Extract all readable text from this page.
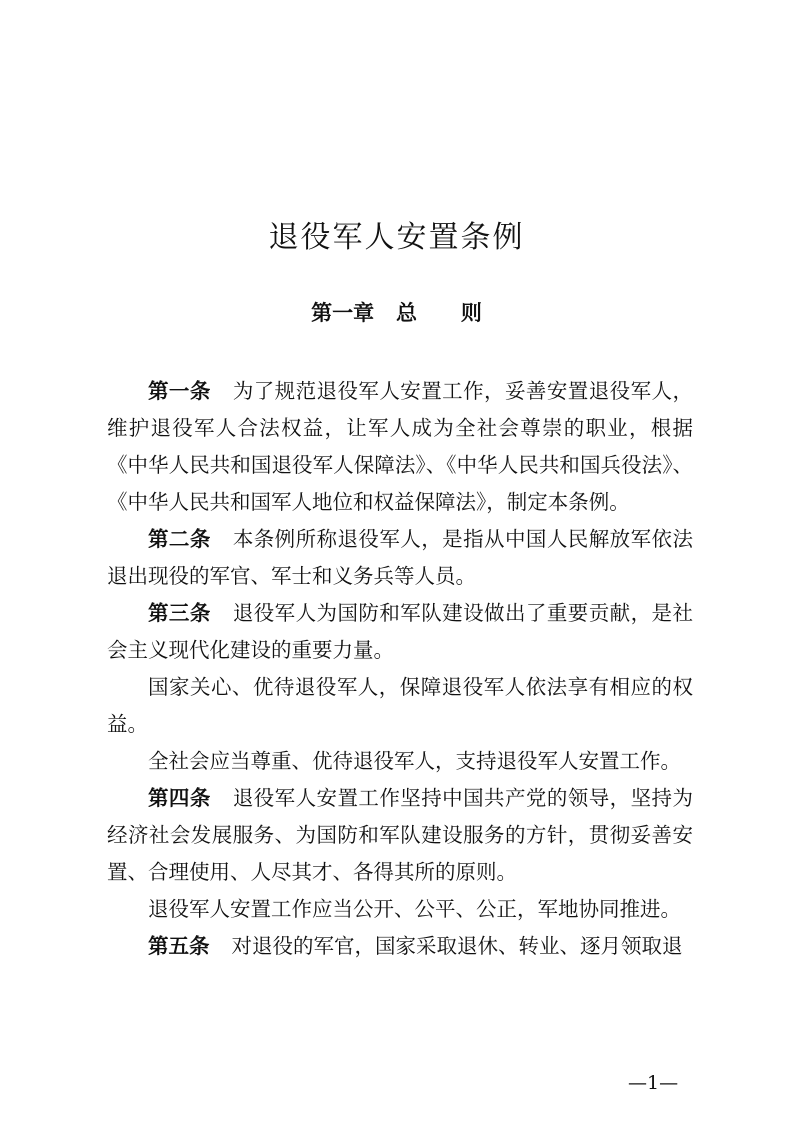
退役军人安置条例
第一章   总      则

第一条 为了规范退役军人安置工作，妥善安置退役军人，维护退役军人合法权益，让军人成为全社会尊崇的职业，根据《中华人民共和国退役军人保障法》、《中华人民共和国兵役法》、《中华人民共和国军人地位和权益保障法》，制定本条例。

第二条 本条例所称退役军人，是指从中国人民解放军依法退出现役的军官、军士和义务兵等人员。

第三条 退役军人为国防和军队建设做出了重要贡献，是社会主义现代化建设的重要力量。

国家关心、优待退役军人，保障退役军人依法享有相应的权益。

全社会应当尊重、优待退役军人，支持退役军人安置工作。

第四条 退役军人安置工作坚持中国共产党的领导，坚持为经济社会发展服务、为国防和军队建设服务的方针，贯彻妥善安置、合理使用、人尽其才、各得其所的原则。

退役军人安置工作应当公开、公平、公正，军地协同推进。

第五条 对退役的军官，国家采取退休、转业、逐月领取退

—1—
